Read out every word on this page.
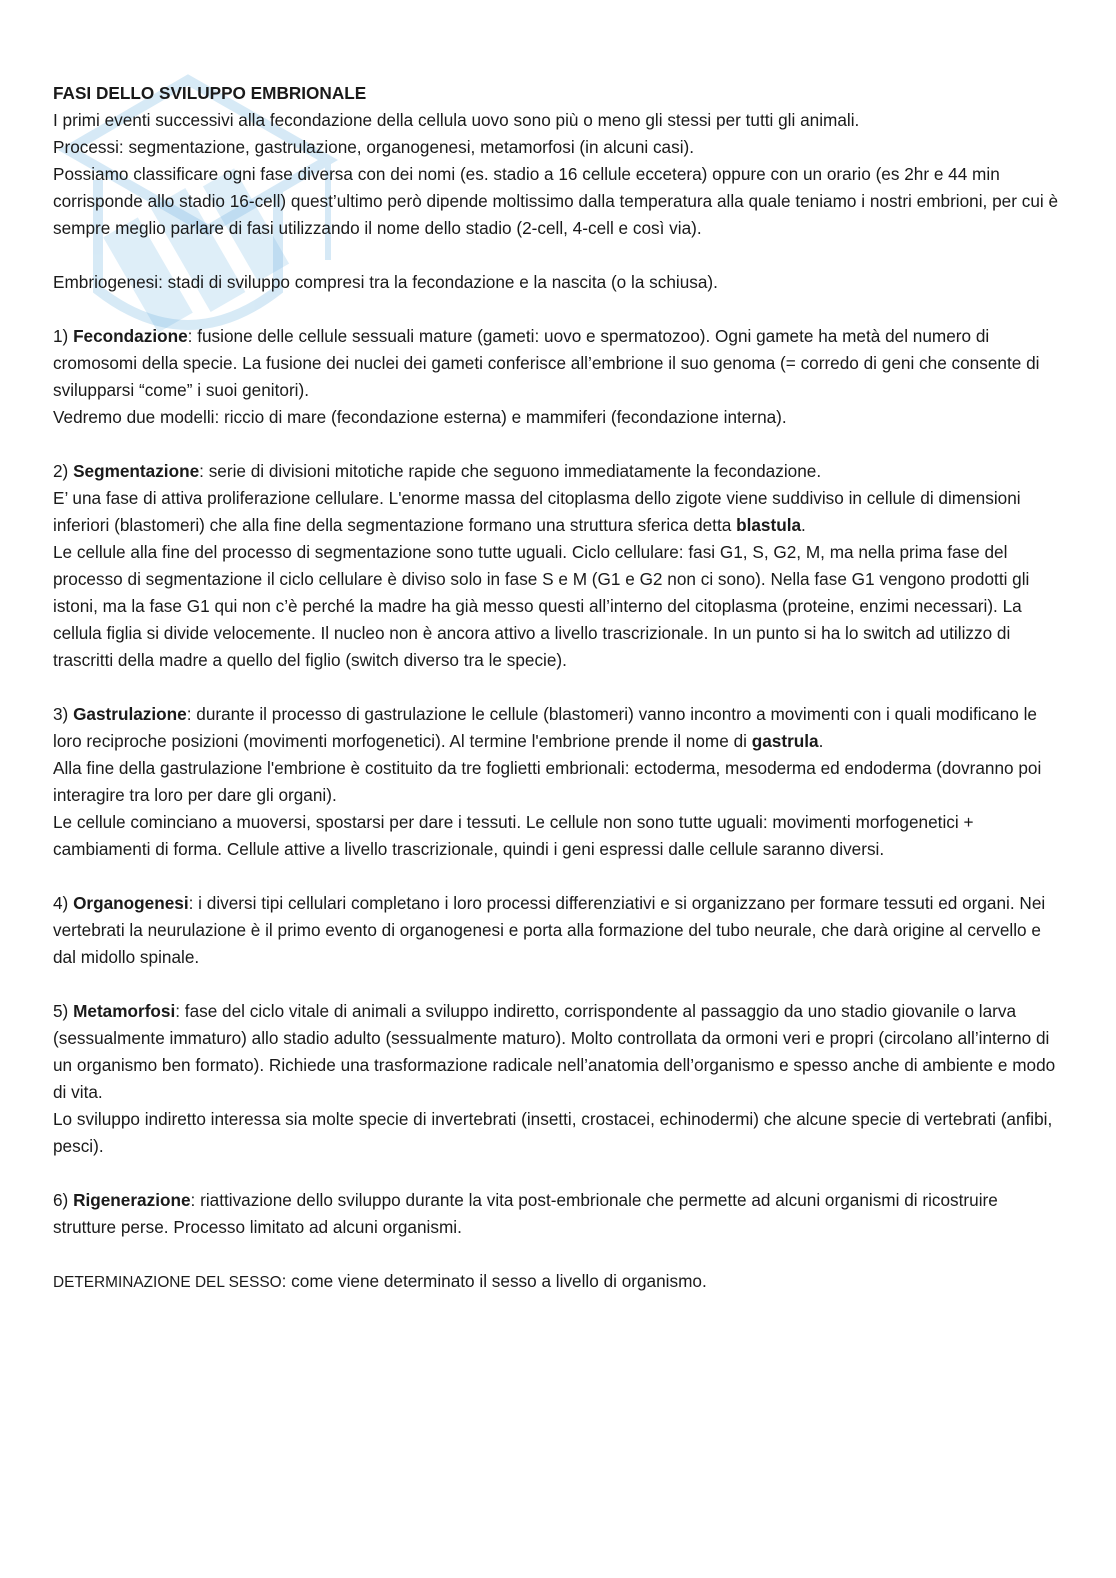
FASI DELLO SVILUPPO EMBRIONALE

I primi eventi successivi alla fecondazione della cellula uovo sono più o meno gli stessi per tutti gli animali.

Processi: segmentazione, gastrulazione, organogenesi, metamorfosi (in alcuni casi).

Possiamo classificare ogni fase diversa con dei nomi (es. stadio a 16 cellule eccetera) oppure con un orario (es 2hr e 44 min corrisponde allo stadio 16-cell) quest’ultimo però dipende moltissimo dalla temperatura alla quale teniamo i nostri embrioni, per cui è sempre meglio parlare di fasi utilizzando il nome dello stadio (2-cell, 4-cell e così via).

Embriogenesi: stadi di sviluppo compresi tra la fecondazione e la nascita (o la schiusa).

1) Fecondazione: fusione delle cellule sessuali mature (gameti: uovo e spermatozoo). Ogni gamete ha metà del numero di cromosomi della specie. La fusione dei nuclei dei gameti conferisce all’embrione il suo genoma (= corredo di geni che consente di svilupparsi “come” i suoi genitori).

Vedremo due modelli: riccio di mare (fecondazione esterna) e mammiferi (fecondazione interna).

2) Segmentazione: serie di divisioni mitotiche rapide che seguono immediatamente la fecondazione.

E’ una fase di attiva proliferazione cellulare. L'enorme massa del citoplasma dello zigote viene suddiviso in cellule di dimensioni inferiori (blastomeri) che alla fine della segmentazione formano una struttura sferica detta blastula.

Le cellule alla fine del processo di segmentazione sono tutte uguali. Ciclo cellulare: fasi G1, S, G2, M, ma nella prima fase del processo di segmentazione il ciclo cellulare è diviso solo in fase S e M (G1 e G2 non ci sono). Nella fase G1 vengono prodotti gli istoni, ma la fase G1 qui non c’è perché la madre ha già messo questi all’interno del citoplasma (proteine, enzimi necessari). La cellula figlia si divide velocemente. Il nucleo non è ancora attivo a livello trascrizionale. In un punto si ha lo switch ad utilizzo di trascritti della madre a quello del figlio (switch diverso tra le specie).

3) Gastrulazione: durante il processo di gastrulazione le cellule (blastomeri) vanno incontro a movimenti con i quali modificano le loro reciproche posizioni (movimenti morfogenetici). Al termine l'embrione prende il nome di gastrula.

Alla fine della gastrulazione l'embrione è costituito da tre foglietti embrionali: ectoderma, mesoderma ed endoderma (dovranno poi interagire tra loro per dare gli organi).

Le cellule cominciano a muoversi, spostarsi per dare i tessuti. Le cellule non sono tutte uguali: movimenti morfogenetici + cambiamenti di forma. Cellule attive a livello trascrizionale, quindi i geni espressi dalle cellule saranno diversi.

4) Organogenesi: i diversi tipi cellulari completano i loro processi differenziativi e si organizzano per formare tessuti ed organi. Nei vertebrati la neurulazione è il primo evento di organogenesi e porta alla formazione del tubo neurale, che darà origine al cervello e dal midollo spinale.

5) Metamorfosi: fase del ciclo vitale di animali a sviluppo indiretto, corrispondente al passaggio da uno stadio giovanile o larva (sessualmente immaturo) allo stadio adulto (sessualmente maturo). Molto controllata da ormoni veri e propri (circolano all’interno di un organismo ben formato). Richiede una trasformazione radicale nell’anatomia dell’organismo e spesso anche di ambiente e modo di vita.

Lo sviluppo indiretto interessa sia molte specie di invertebrati (insetti, crostacei, echinodermi) che alcune specie di vertebrati (anfibi, pesci).

6) Rigenerazione: riattivazione dello sviluppo durante la vita post-embrionale che permette ad alcuni organismi di ricostruire strutture perse. Processo limitato ad alcuni organismi.

DETERMINAZIONE DEL SESSO: come viene determinato il sesso a livello di organismo.
